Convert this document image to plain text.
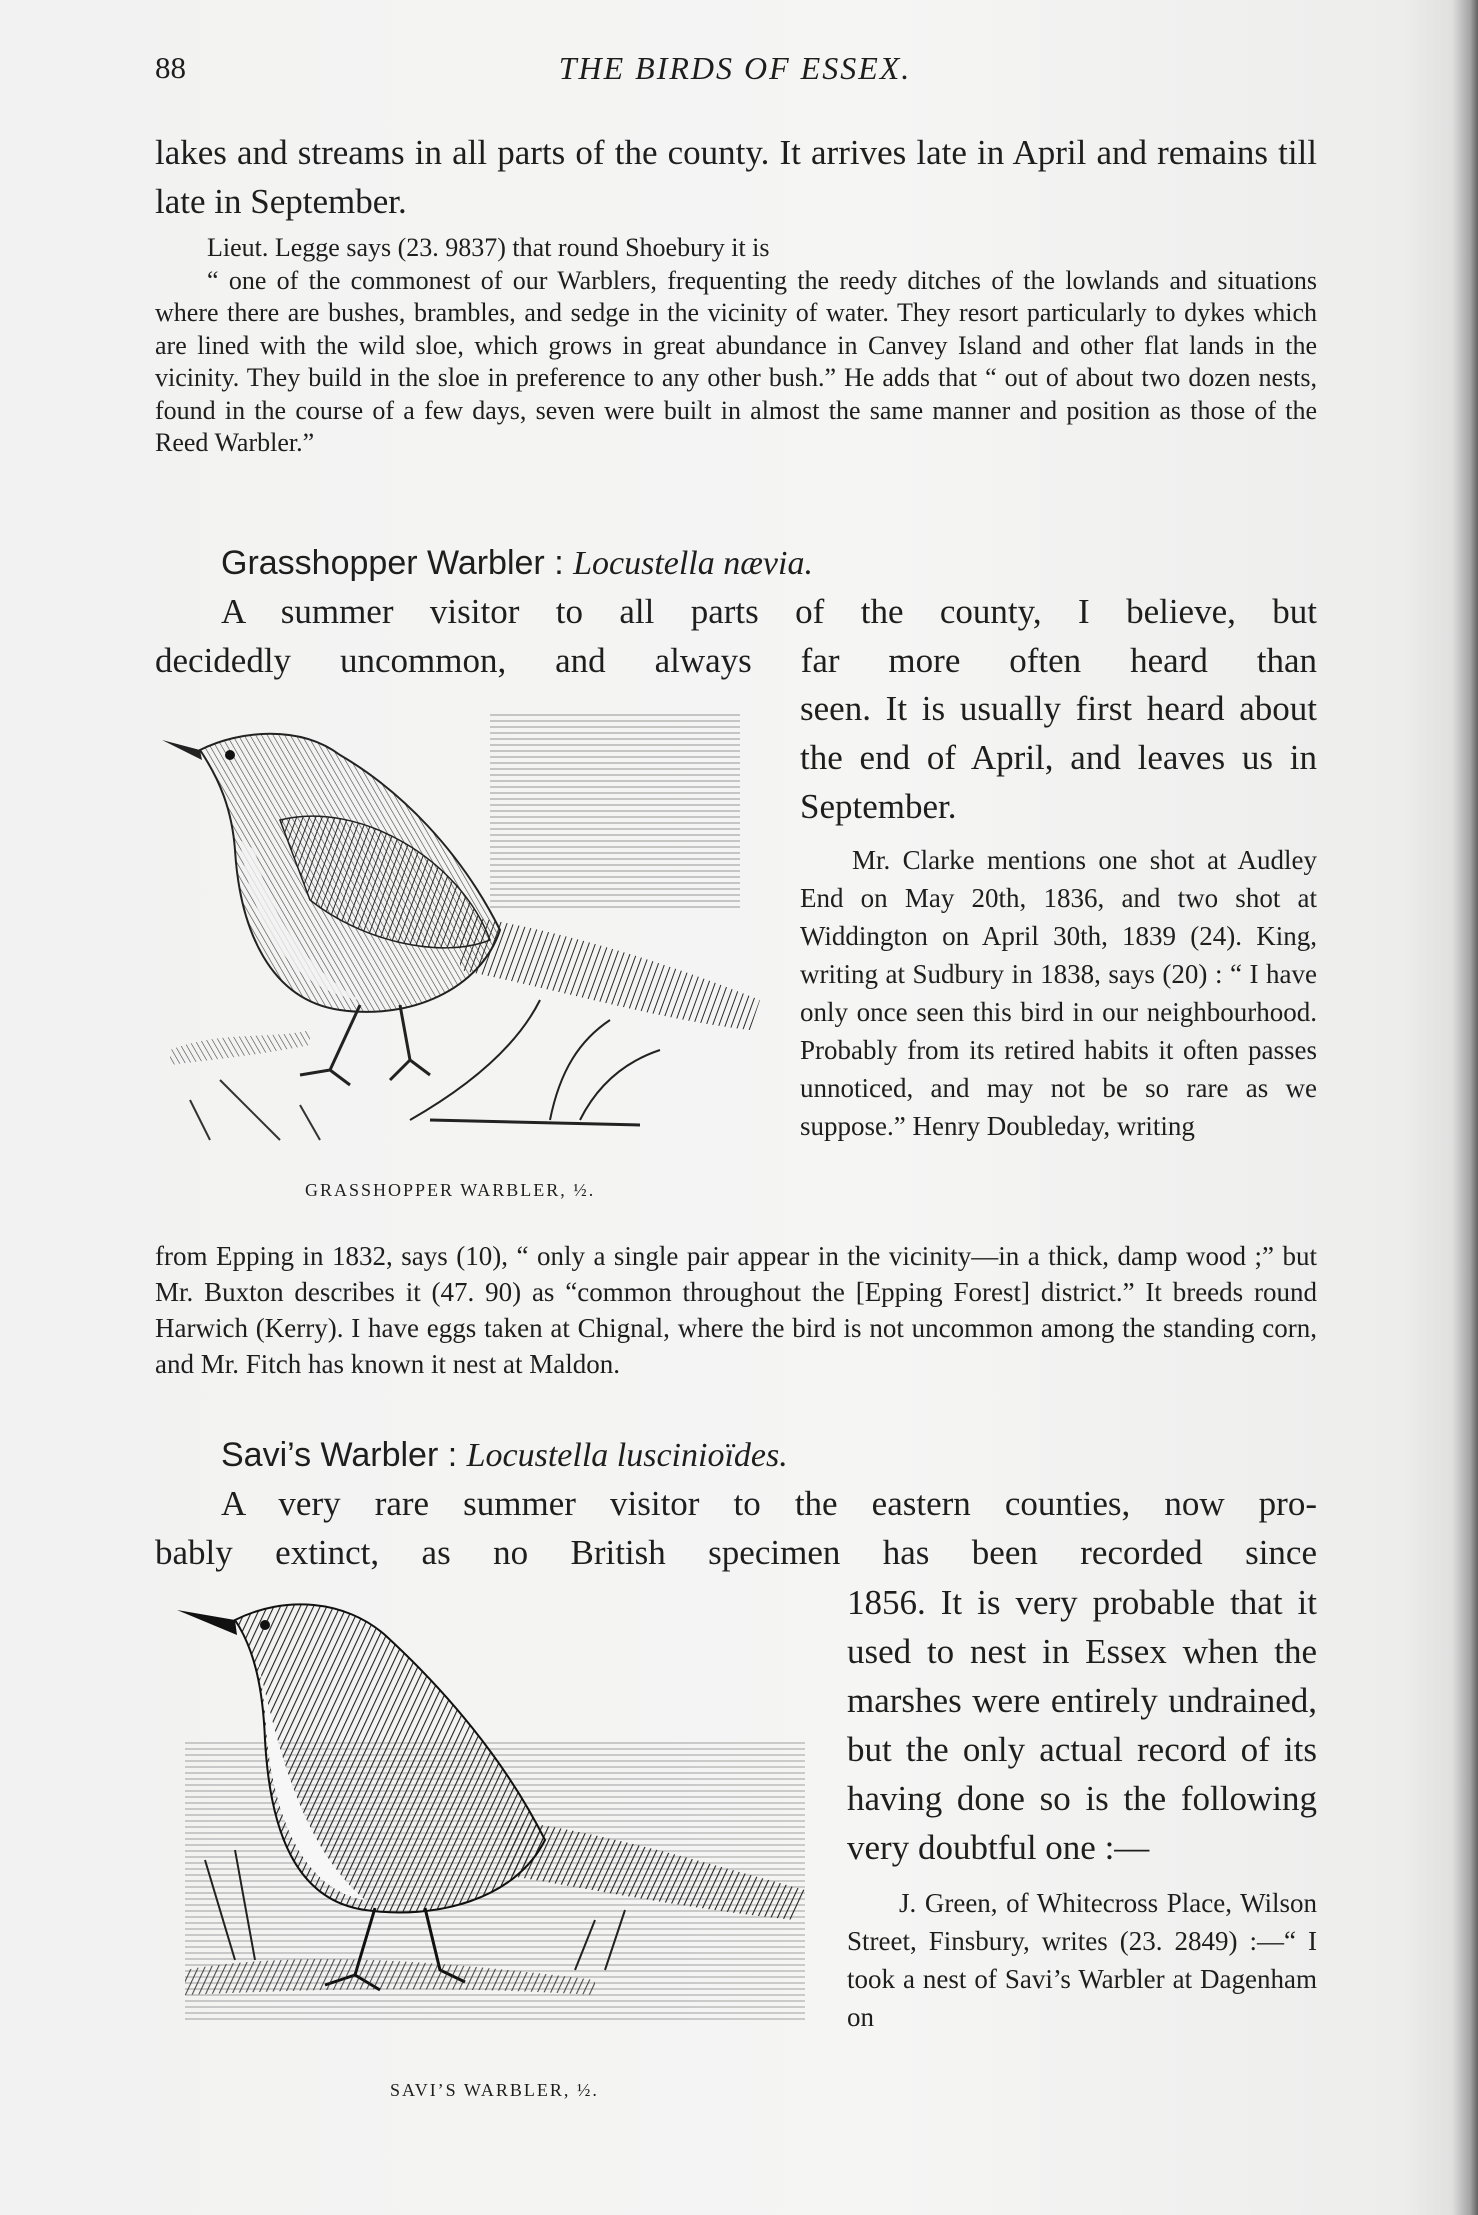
88	THE BIRDS OF ESSEX.

lakes and streams in all parts of the county. It arrives late in April and remains till late in September.

Lieut. Legge says (23. 9837) that round Shoebury it is

“ one of the commonest of our Warblers, frequenting the reedy ditches of the lowlands and situations where there are bushes, brambles, and sedge in the vicinity of water. They resort particularly to dykes which are lined with the wild sloe, which grows in great abundance in Canvey Island and other flat lands in the vicinity. They build in the sloe in preference to any other bush.” He adds that “ out of about two dozen nests, found in the course of a few days, seven were built in almost the same manner and position as those of the Reed Warbler.”

Grasshopper Warbler : Locustella nævia.

A summer visitor to all parts of the county, I believe, but

decidedly uncommon, and always far more often heard than

GRASSHOPPER WARBLER, ½.

seen. It is usually first heard about the end of April, and leaves us in September.

Mr. Clarke mentions one shot at Audley End on May 20th, 1836, and two shot at Widdington on April 30th, 1839 (24). King, writing at Sudbury in 1838, says (20) : “ I have only once seen this bird in our neighbourhood. Probably from its retired habits it often passes unnoticed, and may not be so rare as we suppose.” Henry Doubleday, writing

from Epping in 1832, says (10), “ only a single pair appear in the vicinity—in a thick, damp wood ;” but Mr. Buxton describes it (47. 90) as “common throughout the [Epping Forest] district.” It breeds round Harwich (Kerry). I have eggs taken at Chignal, where the bird is not uncommon among the standing corn, and Mr. Fitch has known it nest at Maldon.

Savi’s Warbler : Locustella luscinioïdes.

A very rare summer visitor to the eastern counties, now pro-

bably extinct, as no British specimen has been recorded since

SAVI’S WARBLER, ½.

1856. It is very probable that it used to nest in Essex when the marshes were entirely undrained, but the only actual record of its having done so is the following very doubtful one :—

J. Green, of Whitecross Place, Wilson Street, Finsbury, writes (23. 2849) :—“ I took a nest of Savi’s Warbler at Dagenham on
